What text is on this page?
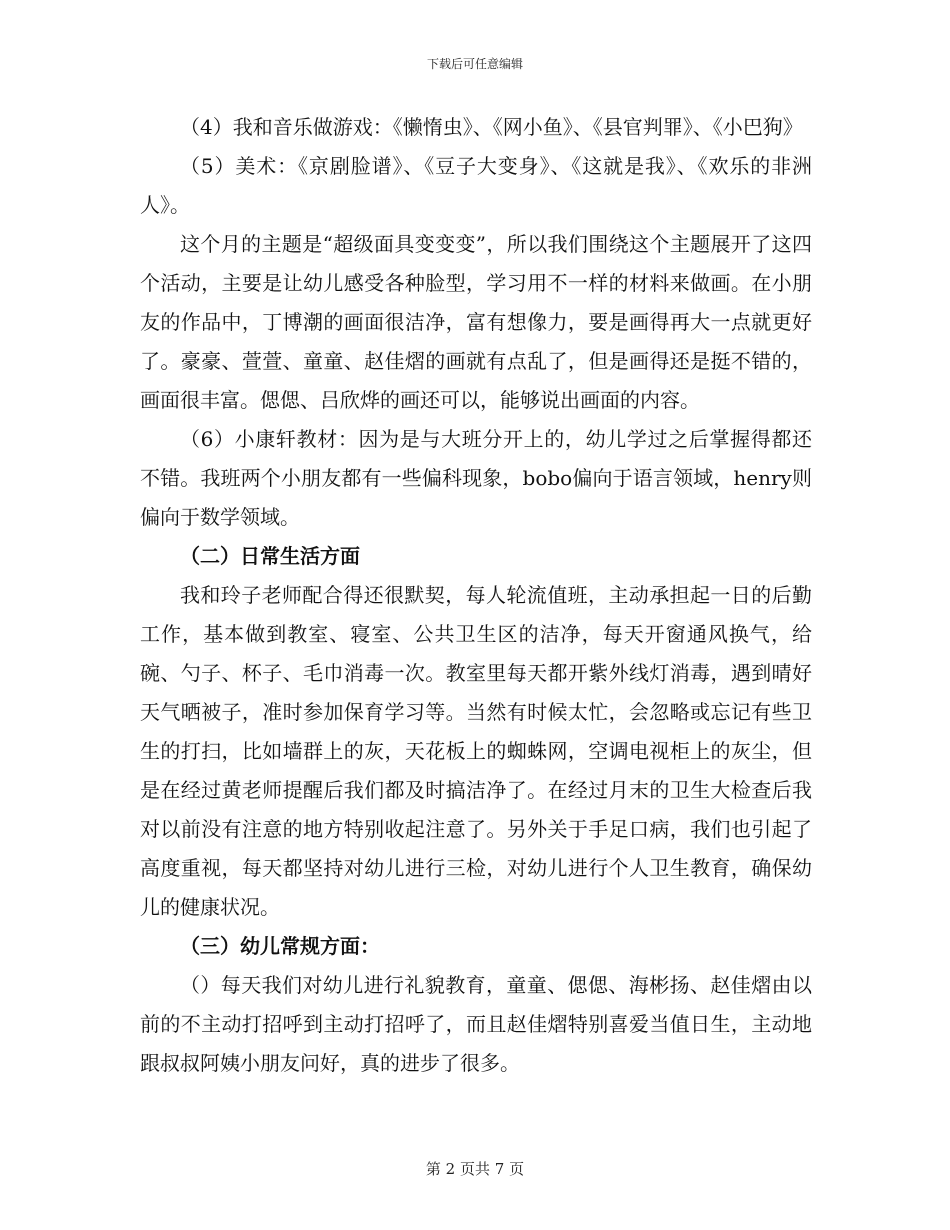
下载后可任意编辑

（4）我和音乐做游戏：《懒惰虫》、《网小鱼》、《县官判罪》、《小巴狗》

（5）美术：《京剧脸谱》、《豆子大变身》、《这就是我》、《欢乐的非洲人》。

这个月的主题是“超级面具变变变”，所以我们围绕这个主题展开了这四个活动，主要是让幼儿感受各种脸型，学习用不一样的材料来做画。在小朋友的作品中，丁博潮的画面很洁净，富有想像力，要是画得再大一点就更好了。豪豪、萱萱、童童、赵佳熠的画就有点乱了，但是画得还是挺不错的，画面很丰富。偲偲、吕欣烨的画还可以，能够说出画面的内容。

（6）小康轩教材：因为是与大班分开上的，幼儿学过之后掌握得都还不错。我班两个小朋友都有一些偏科现象，bobo偏向于语言领域，henry则偏向于数学领域。

（二）日常生活方面

我和玲子老师配合得还很默契，每人轮流值班，主动承担起一日的后勤工作，基本做到教室、寝室、公共卫生区的洁净，每天开窗通风换气，给碗、勺子、杯子、毛巾消毒一次。教室里每天都开紫外线灯消毒，遇到晴好天气晒被子，准时参加保育学习等。当然有时候太忙，会忽略或忘记有些卫生的打扫，比如墙群上的灰，天花板上的蜘蛛网，空调电视柜上的灰尘，但是在经过黄老师提醒后我们都及时搞洁净了。在经过月末的卫生大检查后我对以前没有注意的地方特别收起注意了。另外关于手足口病，我们也引起了高度重视，每天都坚持对幼儿进行三检，对幼儿进行个人卫生教育，确保幼儿的健康状况。

（三）幼儿常规方面：

（）每天我们对幼儿进行礼貌教育，童童、偲偲、海彬扬、赵佳熠由以前的不主动打招呼到主动打招呼了，而且赵佳熠特别喜爱当值日生，主动地跟叔叔阿姨小朋友问好，真的进步了很多。

第 2 页共 7 页
